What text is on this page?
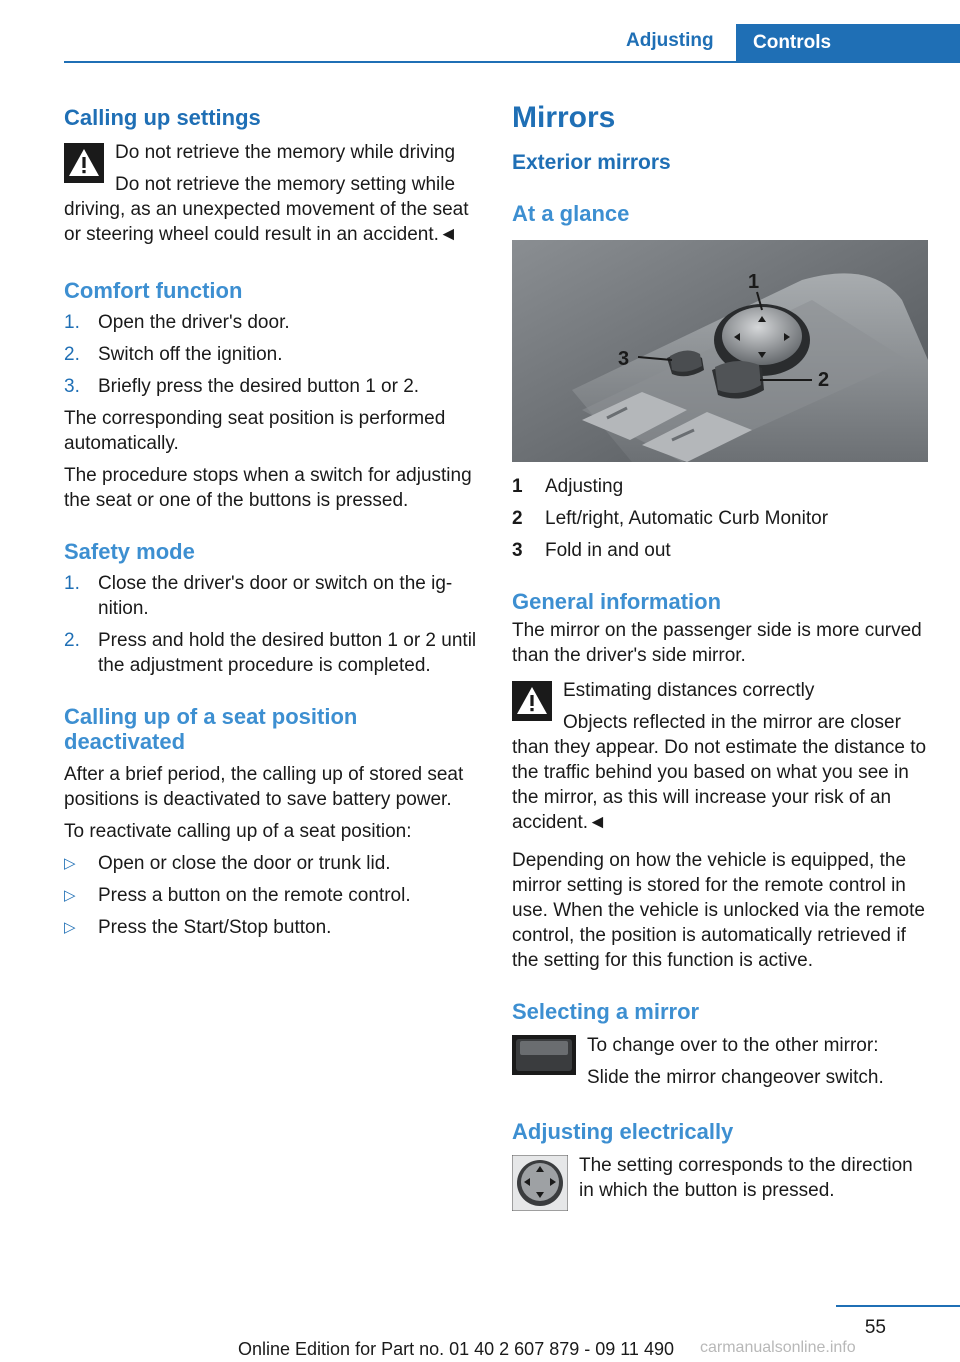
Adjusting	Controls
Calling up settings

Do not retrieve the memory while driving

Do not retrieve the memory setting while

driving, as an unexpected movement of the seat or steering wheel could result in an accident.◄

Comfort function
1. Open the driver's door.
2. Switch off the ignition.
3. Briefly press the desired button 1 or 2.

The corresponding seat position is performed automatically.

The procedure stops when a switch for adjusting the seat or one of the buttons is pressed.

Safety mode
1. Close the driver's door or switch on the ignition.
2. Press and hold the desired button 1 or 2 until the adjustment procedure is completed.
Calling up of a seat position deactivated

After a brief period, the calling up of stored seat positions is deactivated to save battery power.

To reactivate calling up of a seat position:

▷ Open or close the door or trunk lid.
▷ Press a button on the remote control.
▷ Press the Start/Stop button.
Mirrors
Exterior mirrors
At a glance
1
2
3
1	Adjusting
2	Left/right, Automatic Curb Monitor
3	Fold in and out
General information

The mirror on the passenger side is more curved than the driver's side mirror.

Estimating distances correctly

Objects reflected in the mirror are closer

than they appear. Do not estimate the distance to the traffic behind you based on what you see in the mirror, as this will increase your risk of an accident.◄

Depending on how the vehicle is equipped, the mirror setting is stored for the remote control in use. When the vehicle is unlocked via the remote control, the position is automatically retrieved if the setting for this function is active.

Selecting a mirror

To change over to the other mirror:

Slide the mirror changeover switch.

Adjusting electrically

The setting corresponds to the direction in which the button is pressed.

55
Online Edition for Part no. 01 40 2 607 879 - 09 11 490 carmanualsonline.info
